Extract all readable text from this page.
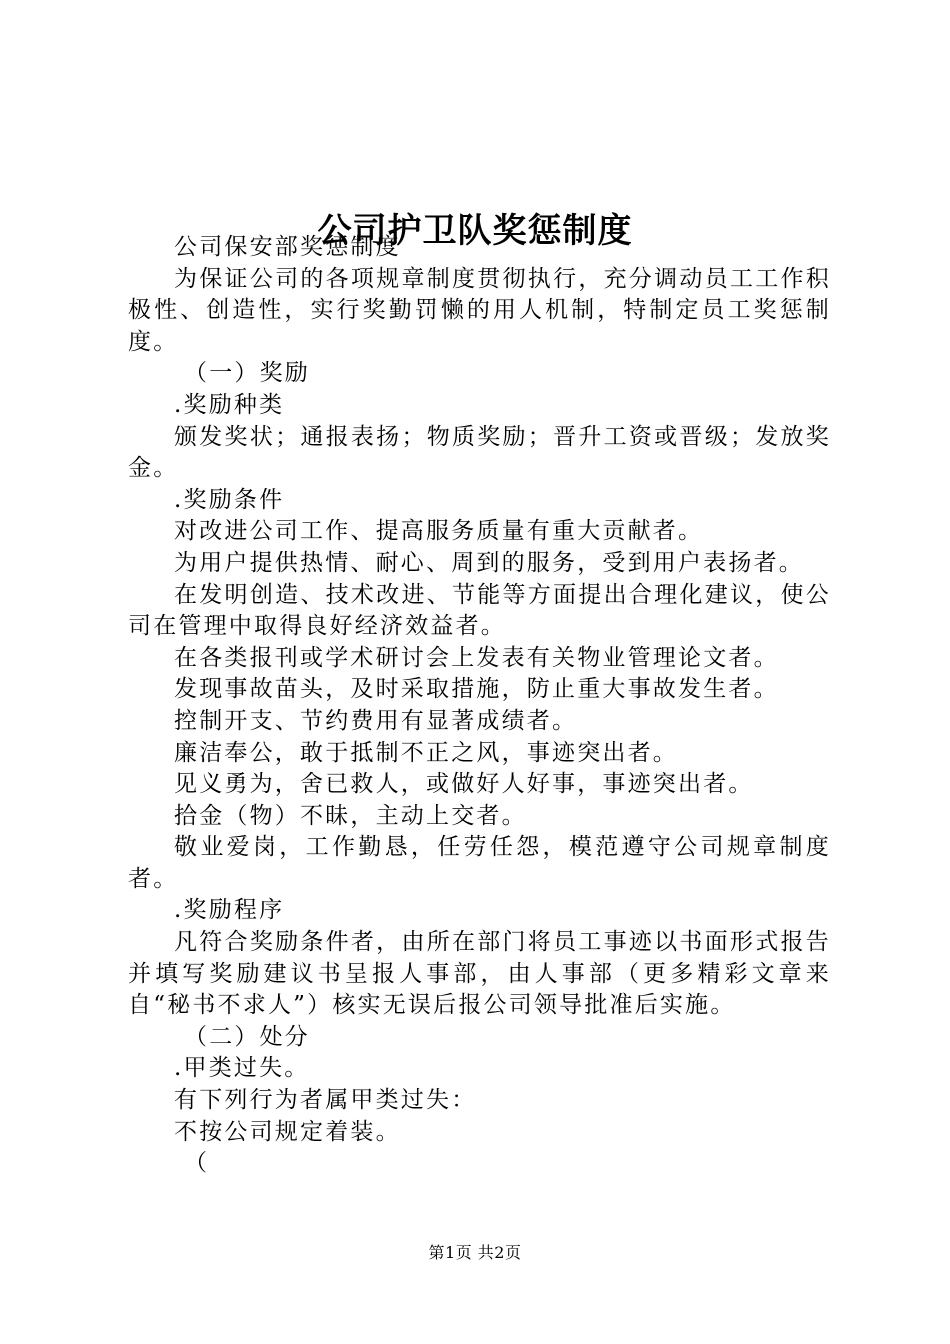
公司护卫队奖惩制度

公司保安部奖惩制度

为保证公司的各项规章制度贯彻执行，充分调动员工工作积极性、创造性，实行奖勤罚懒的用人机制，特制定员工奖惩制度。

（一）奖励

.奖励种类

颁发奖状；通报表扬；物质奖励；晋升工资或晋级；发放奖金。

.奖励条件

对改进公司工作、提高服务质量有重大贡献者。

为用户提供热情、耐心、周到的服务，受到用户表扬者。

在发明创造、技术改进、节能等方面提出合理化建议，使公司在管理中取得良好经济效益者。

在各类报刊或学术研讨会上发表有关物业管理论文者。

发现事故苗头，及时采取措施，防止重大事故发生者。

控制开支、节约费用有显著成绩者。

廉洁奉公，敢于抵制不正之风，事迹突出者。

见义勇为，舍已救人，或做好人好事，事迹突出者。

拾金（物）不昧，主动上交者。

敬业爱岗，工作勤恳，任劳任怨，模范遵守公司规章制度者。

.奖励程序

凡符合奖励条件者，由所在部门将员工事迹以书面形式报告并填写奖励建议书呈报人事部，由人事部（更多精彩文章来自“秘书不求人”）核实无误后报公司领导批准后实施。

（二）处分

.甲类过失。

有下列行为者属甲类过失：

不按公司规定着装。

（

第1页 共2页
